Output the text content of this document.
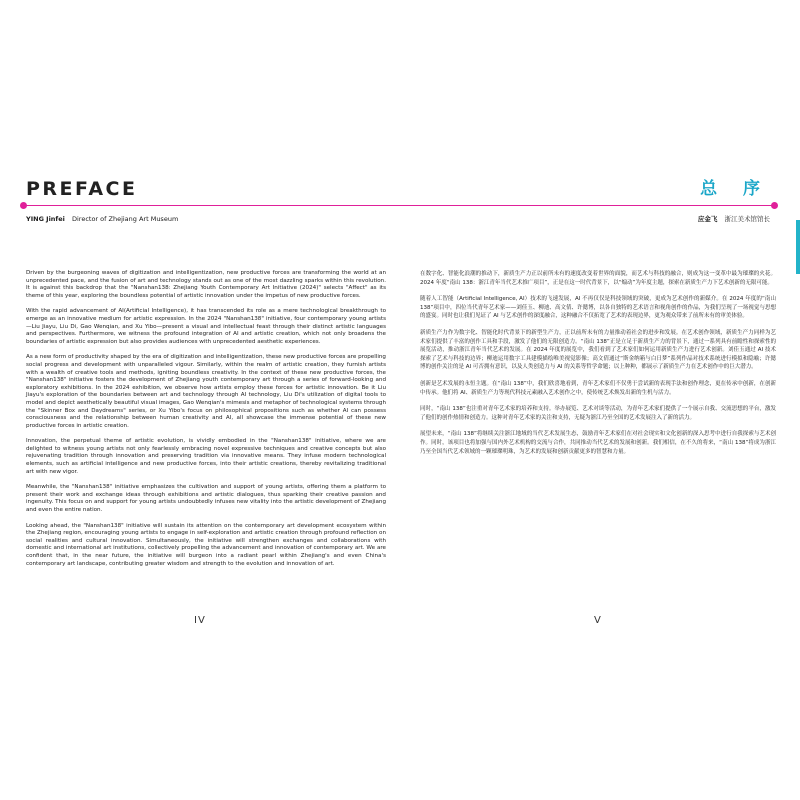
PREFACE
YING Jinfei Director of Zhejiang Art Museum

Driven by the burgeoning waves of digitization and intelligentization, new productive forces are transforming the world at an unprecedented pace, and the fusion of art and technology stands out as one of the most dazzling sparks within this revolution. It is against this backdrop that the "Nanshan138: Zhejiang Youth Contemporary Art Initiative (2024)" selects "Affect" as its theme of this year, exploring the boundless potential of artistic innovation under the impetus of new productive forces.

With the rapid advancement of AI(Artificial Intelligence), it has transcended its role as a mere technological breakthrough to emerge as an innovative medium for artistic expression. In the 2024 "Nanshan138" initiative, four contemporary young artists—Liu Jiayu, Liu Di, Gao Wenqian, and Xu Yibo—present a visual and intellectual feast through their distinct artistic languages and perspectives. Furthermore, we witness the profound integration of AI and artistic creation, which not only broadens the boundaries of artistic expression but also provides audiences with unprecedented aesthetic experiences.

As a new form of productivity shaped by the era of digitization and intelligentization, these new productive forces are propelling social progress and development with unparalleled vigour. Similarly, within the realm of artistic creation, they furnish artists with a wealth of creative tools and methods, igniting boundless creativity. In the context of these new productive forces, the "Nanshan138" initiative fosters the development of Zhejiang youth contemporary art through a series of forward-looking and exploratory exhibitions. In the 2024 exhibition, we observe how artists employ these forces for artistic innovation. Be it Liu Jiayu's exploration of the boundaries between art and technology through AI technology, Liu Di's utilization of digital tools to model and depict aesthetically beautiful visual images, Gao Wenqian's mimesis and metaphor of technological systems through the "Skinner Box and Daydreams" series, or Xu Yibo's focus on philosophical propositions such as whether AI can possess consciousness and the relationship between human creativity and AI, all showcase the immense potential of these new productive forces in artistic creation.

Innovation, the perpetual theme of artistic evolution, is vividly embodied in the "Nanshan138" initiative, where we are delighted to witness young artists not only fearlessly embracing novel expressive techniques and creative concepts but also rejuvenating tradition through innovation and preserving tradition via innovative means. They infuse modern technological elements, such as artificial intelligence and new productive forces, into their artistic creations, thereby revitalizing traditional art with new vigor.

Meanwhile, the "Nanshan138" initiative emphasizes the cultivation and support of young artists, offering them a platform to present their work and exchange ideas through exhibitions and artistic dialogues, thus sparking their creative passion and ingenuity. This focus on and support for young artists undoubtedly infuses new vitality into the artistic development of Zhejiang and even the entire nation.

Looking ahead, the "Nanshan138" initiative will sustain its attention on the contemporary art development ecosystem within the Zhejiang region, encouraging young artists to engage in self-exploration and artistic creation through profound reflection on social realities and cultural innovation. Simultaneously, the initiative will strengthen exchanges and collaborations with domestic and international art institutions, collectively propelling the advancement and innovation of contemporary art. We are confident that, in the near future, the initiative will burgeon into a radiant pearl within Zhejiang's and even China's contemporary art landscape, contributing greater wisdom and strength to the evolution and innovation of art.

IV
总 序
应金飞 浙江美术馆馆长

在数字化、智能化浪潮的推动下，新质生产力正以前所未有的速度改变着世界的面貌，而艺术与科技的融合，则成为这一变革中最为璀璨的火花。2024 年度“南山 138：浙江青年当代艺术推广项目”，正是在这一时代背景下，以“煽动”为年度主题，探索在新质生产力下艺术创新的无限可能。

随着人工智能（Artificial Intelligence, AI）技术的飞速发展，AI 不再仅仅是科技领域的突破，更成为艺术创作的新媒介。在 2024 年度的“南山 138”项目中，四位当代青年艺术家——刘佳玉、柳迪、高文倩、许懿博，以各自独特的艺术语言和视角创作的作品，为我们呈现了一场视觉与思想的盛宴。同时也让我们见证了 AI 与艺术创作的深度融合，这种融合不仅拓宽了艺术的表现边界，更为观众带来了前所未有的审美体验。

新质生产力作为数字化、智能化时代背景下的新型生产力，正以前所未有的力量推动着社会的进步和发展。在艺术创作领域，新质生产力同样为艺术家们提供了丰富的创作工具和手段，激发了他们的无限创造力。“南山 138”正是立足于新质生产力的背景下，通过一系列具有前瞻性和探索性的展览活动，推动浙江青年当代艺术的发展。在 2024 年度的展览中，我们看到了艺术家们如何运用新质生产力进行艺术创新。刘佳玉通过 AI 技术探索了艺术与科技的边界；柳迪运用数字工具建模描绘唯美视觉影像；高文倩通过“斯金纳箱与白日梦”系列作品对技术系统进行模拟和隐喻；许懿博的创作关注的是 AI 可否拥有意识，以及人类创造力与 AI 的关系等哲学命题；以上种种，都展示了新质生产力在艺术创作中的巨大潜力。

创新是艺术发展的永恒主题。在“南山 138”中，我们欣喜地看到，青年艺术家们不仅勇于尝试新的表现手法和创作理念，更在传承中创新，在创新中传承。他们将 AI、新质生产力等现代科技元素融入艺术创作之中，使传统艺术焕发出新的生机与活力。

同时，“南山 138”也注重对青年艺术家的培养和支持。举办展览、艺术对谈等活动，为青年艺术家们提供了一个展示自我、交流思想的平台，激发了他们的创作热情和创造力。这种对青年艺术家的关注和支持，无疑为浙江乃至全国的艺术发展注入了新的活力。

展望未来，“南山 138”将继续关注浙江地域的当代艺术发展生态，鼓励青年艺术家们在对社会现实和文化创新的深入思考中进行自我探索与艺术创作。同时，该项目也将加强与国内外艺术机构的交流与合作，共同推动当代艺术的发展和创新。我们相信，在不久的将来，“南山 138”将成为浙江乃至全国当代艺术领域的一颗璀璨明珠，为艺术的发展和创新贡献更多的智慧和力量。

V
